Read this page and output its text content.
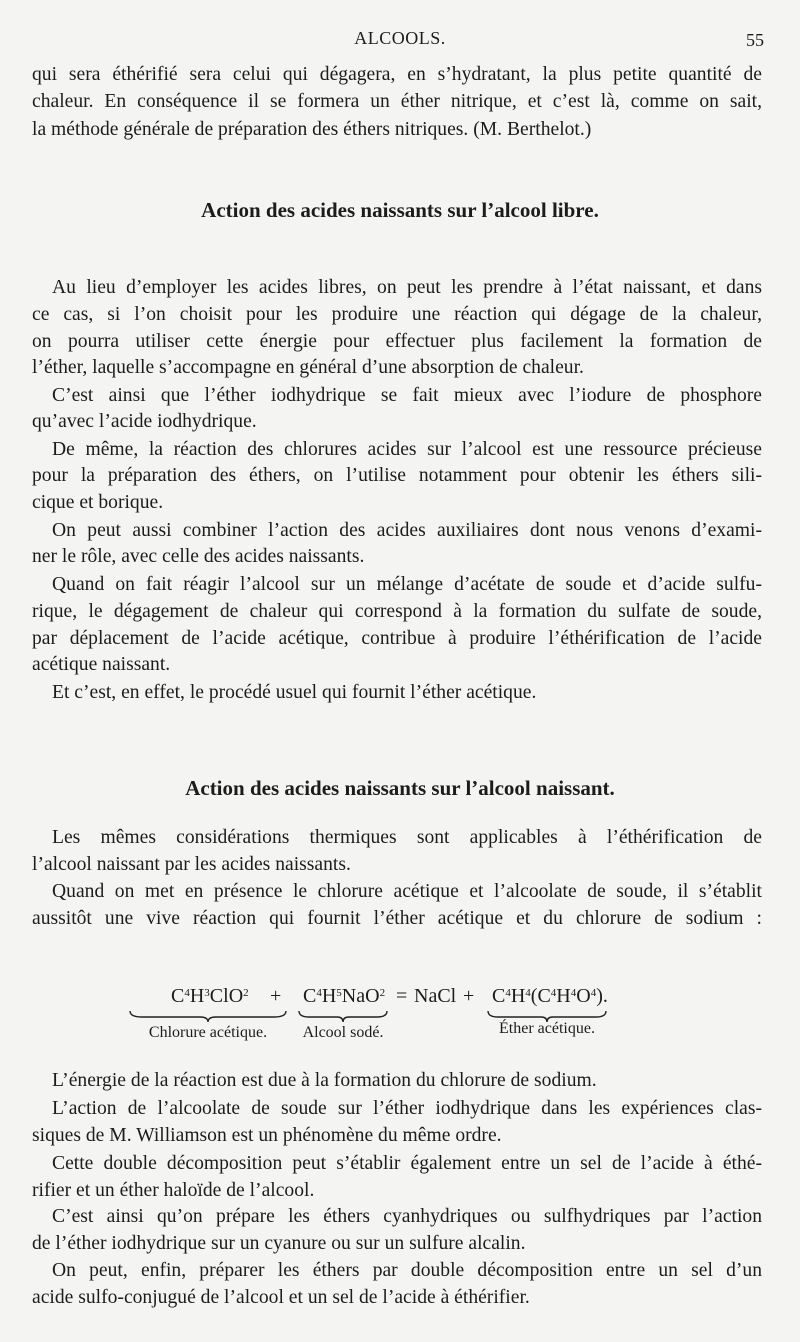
ALCOOLS.	55
qui sera éthérifié sera celui qui dégagera, en s’hydratant, la plus petite quantité de
chaleur. En conséquence il se formera un éther nitrique, et c’est là, comme on sait,
la méthode générale de préparation des éthers nitriques. (M. Berthelot.)
Action des acides naissants sur l’alcool libre.
Au lieu d’employer les acides libres, on peut les prendre à l’état naissant, et dans
ce cas, si l’on choisit pour les produire une réaction qui dégage de la chaleur,
on pourra utiliser cette énergie pour effectuer plus facilement la formation de
l’éther, laquelle s’accompagne en général d’une absorption de chaleur.
C’est ainsi que l’éther iodhydrique se fait mieux avec l’iodure de phosphore
qu’avec l’acide iodhydrique.
De même, la réaction des chlorures acides sur l’alcool est une ressource précieuse
pour la préparation des éthers, on l’utilise notamment pour obtenir les éthers sili-
cique et borique.
On peut aussi combiner l’action des acides auxiliaires dont nous venons d’exami-
ner le rôle, avec celle des acides naissants.
Quand on fait réagir l’alcool sur un mélange d’acétate de soude et d’acide sulfu-
rique, le dégagement de chaleur qui correspond à la formation du sulfate de soude,
par déplacement de l’acide acétique, contribue à produire l’éthérification de l’acide
acétique naissant.
Et c’est, en effet, le procédé usuel qui fournit l’éther acétique.
Action des acides naissants sur l’alcool naissant.
Les mêmes considérations thermiques sont applicables à l’éthérification de
l’alcool naissant par les acides naissants.
Quand on met en présence le chlorure acétique et l’alcoolate de soude, il s’établit
aussitôt une vive réaction qui fournit l’éther acétique et du chlorure de sodium :
$C^4H^3ClO^2 + C^4H^5NaO^2$ = NaCl + $C^4H^4(C^4H^4O^4)$.
Chlorure acétique.	Alcool sodé.	Éther acétique.
L’énergie de la réaction est due à la formation du chlorure de sodium.
L’action de l’alcoolate de soude sur l’éther iodhydrique dans les expériences clas-
siques de M. Williamson est un phénomène du même ordre.
Cette double décomposition peut s’établir également entre un sel de l’acide à éthé-
rifier et un éther haloïde de l’alcool.
C’est ainsi qu’on prépare les éthers cyanhydriques ou sulfhydriques par l’action
de l’éther iodhydrique sur un cyanure ou sur un sulfure alcalin.
On peut, enfin, préparer les éthers par double décomposition entre un sel d’un
acide sulfo-conjugué de l’alcool et un sel de l’acide à éthérifier.
